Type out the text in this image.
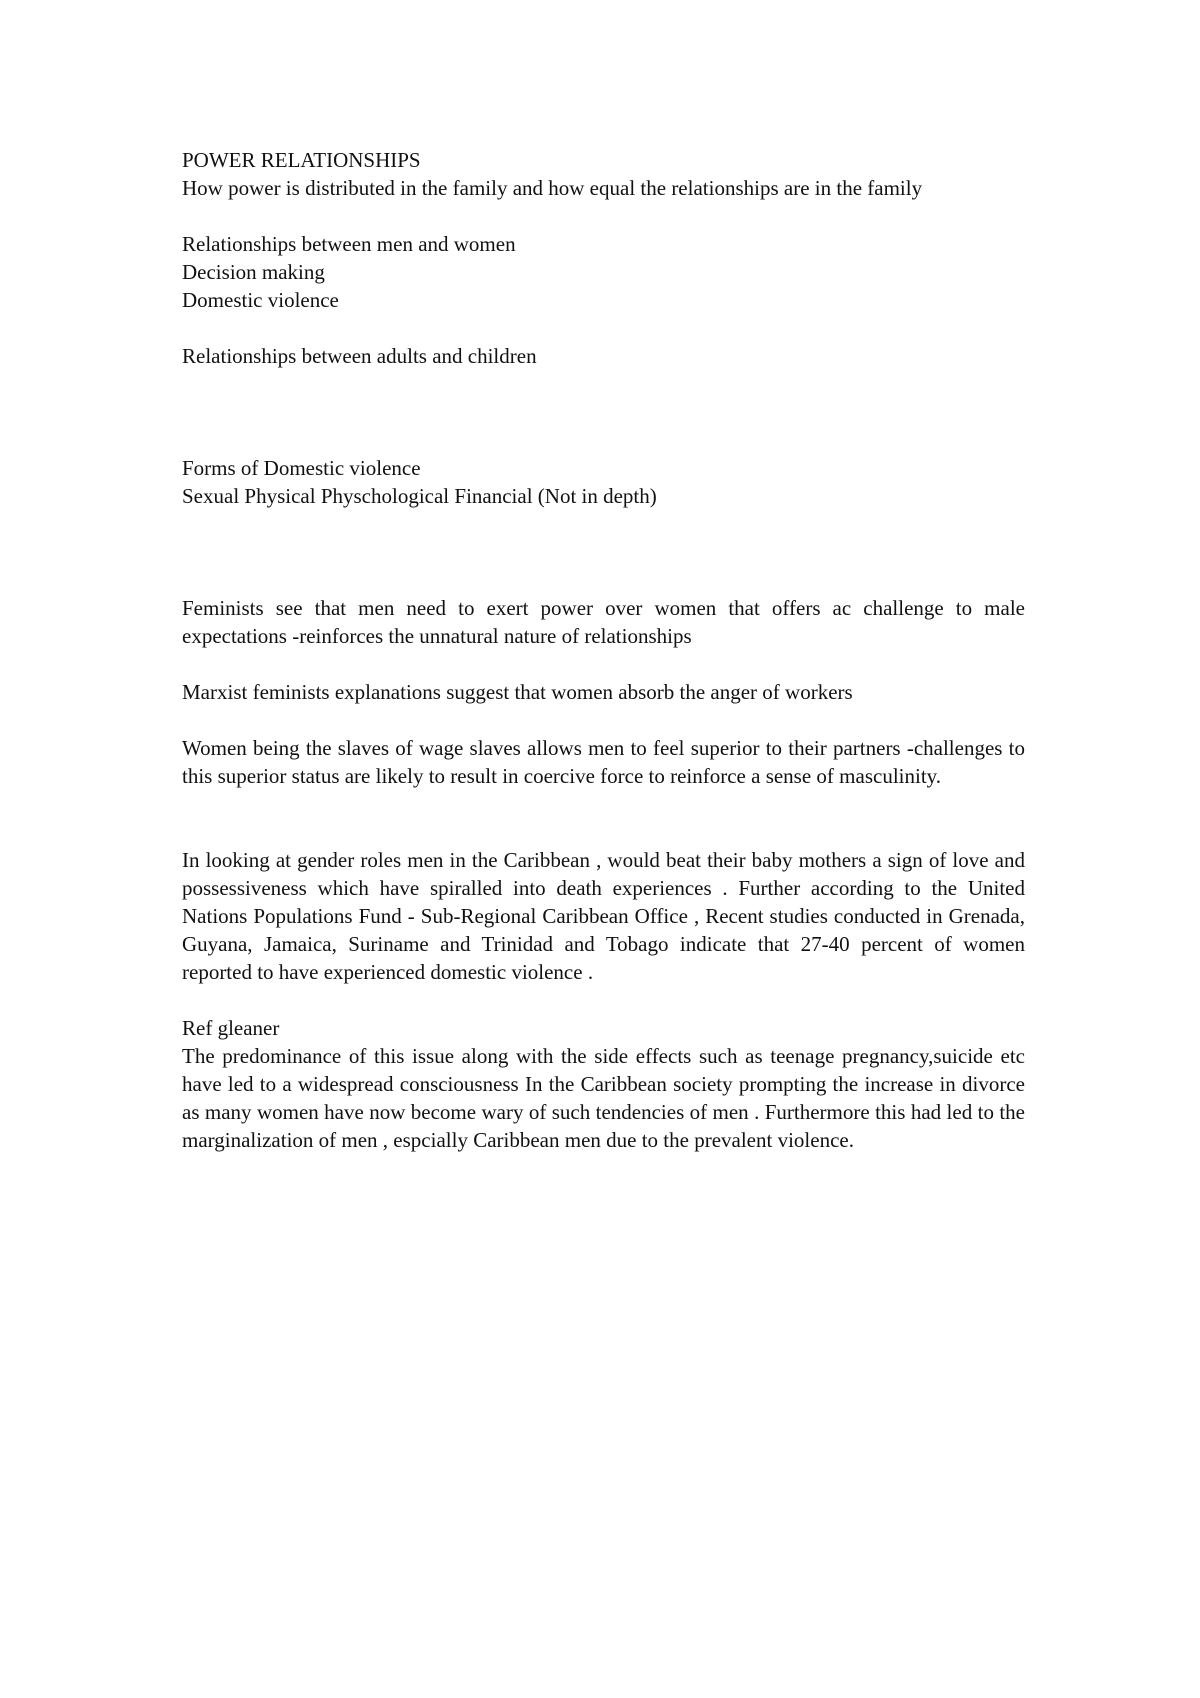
POWER RELATIONSHIPS
How power is distributed in the family and how equal the relationships are in the family
Relationships between men and women
Decision making
Domestic violence
Relationships between adults and children
Forms of Domestic violence
Sexual Physical Physchological Financial (Not in depth)
Feminists see that men need to exert power over women that offers ac challenge to male expectations -reinforces the unnatural nature of relationships
Marxist feminists explanations suggest that women absorb the anger of workers
Women being the slaves of wage slaves allows men to feel superior to their partners -challenges to this superior status are likely to result in coercive force to reinforce a sense of masculinity.
In looking at gender roles men in the Caribbean , would beat their baby mothers a sign of love and possessiveness which have spiralled into death experiences . Further according to the United Nations Populations Fund - Sub-Regional Caribbean Office , Recent studies conducted in Grenada, Guyana, Jamaica, Suriname and Trinidad and Tobago indicate that 27-40 percent of women reported to have experienced domestic violence .
Ref gleaner
The predominance of this issue along with the side effects such as teenage pregnancy,suicide etc have led to a widespread consciousness In the Caribbean society prompting the increase in divorce as many women have now become wary of such tendencies of men . Furthermore this had led to the marginalization of men , espcially Caribbean men due to the prevalent violence.
